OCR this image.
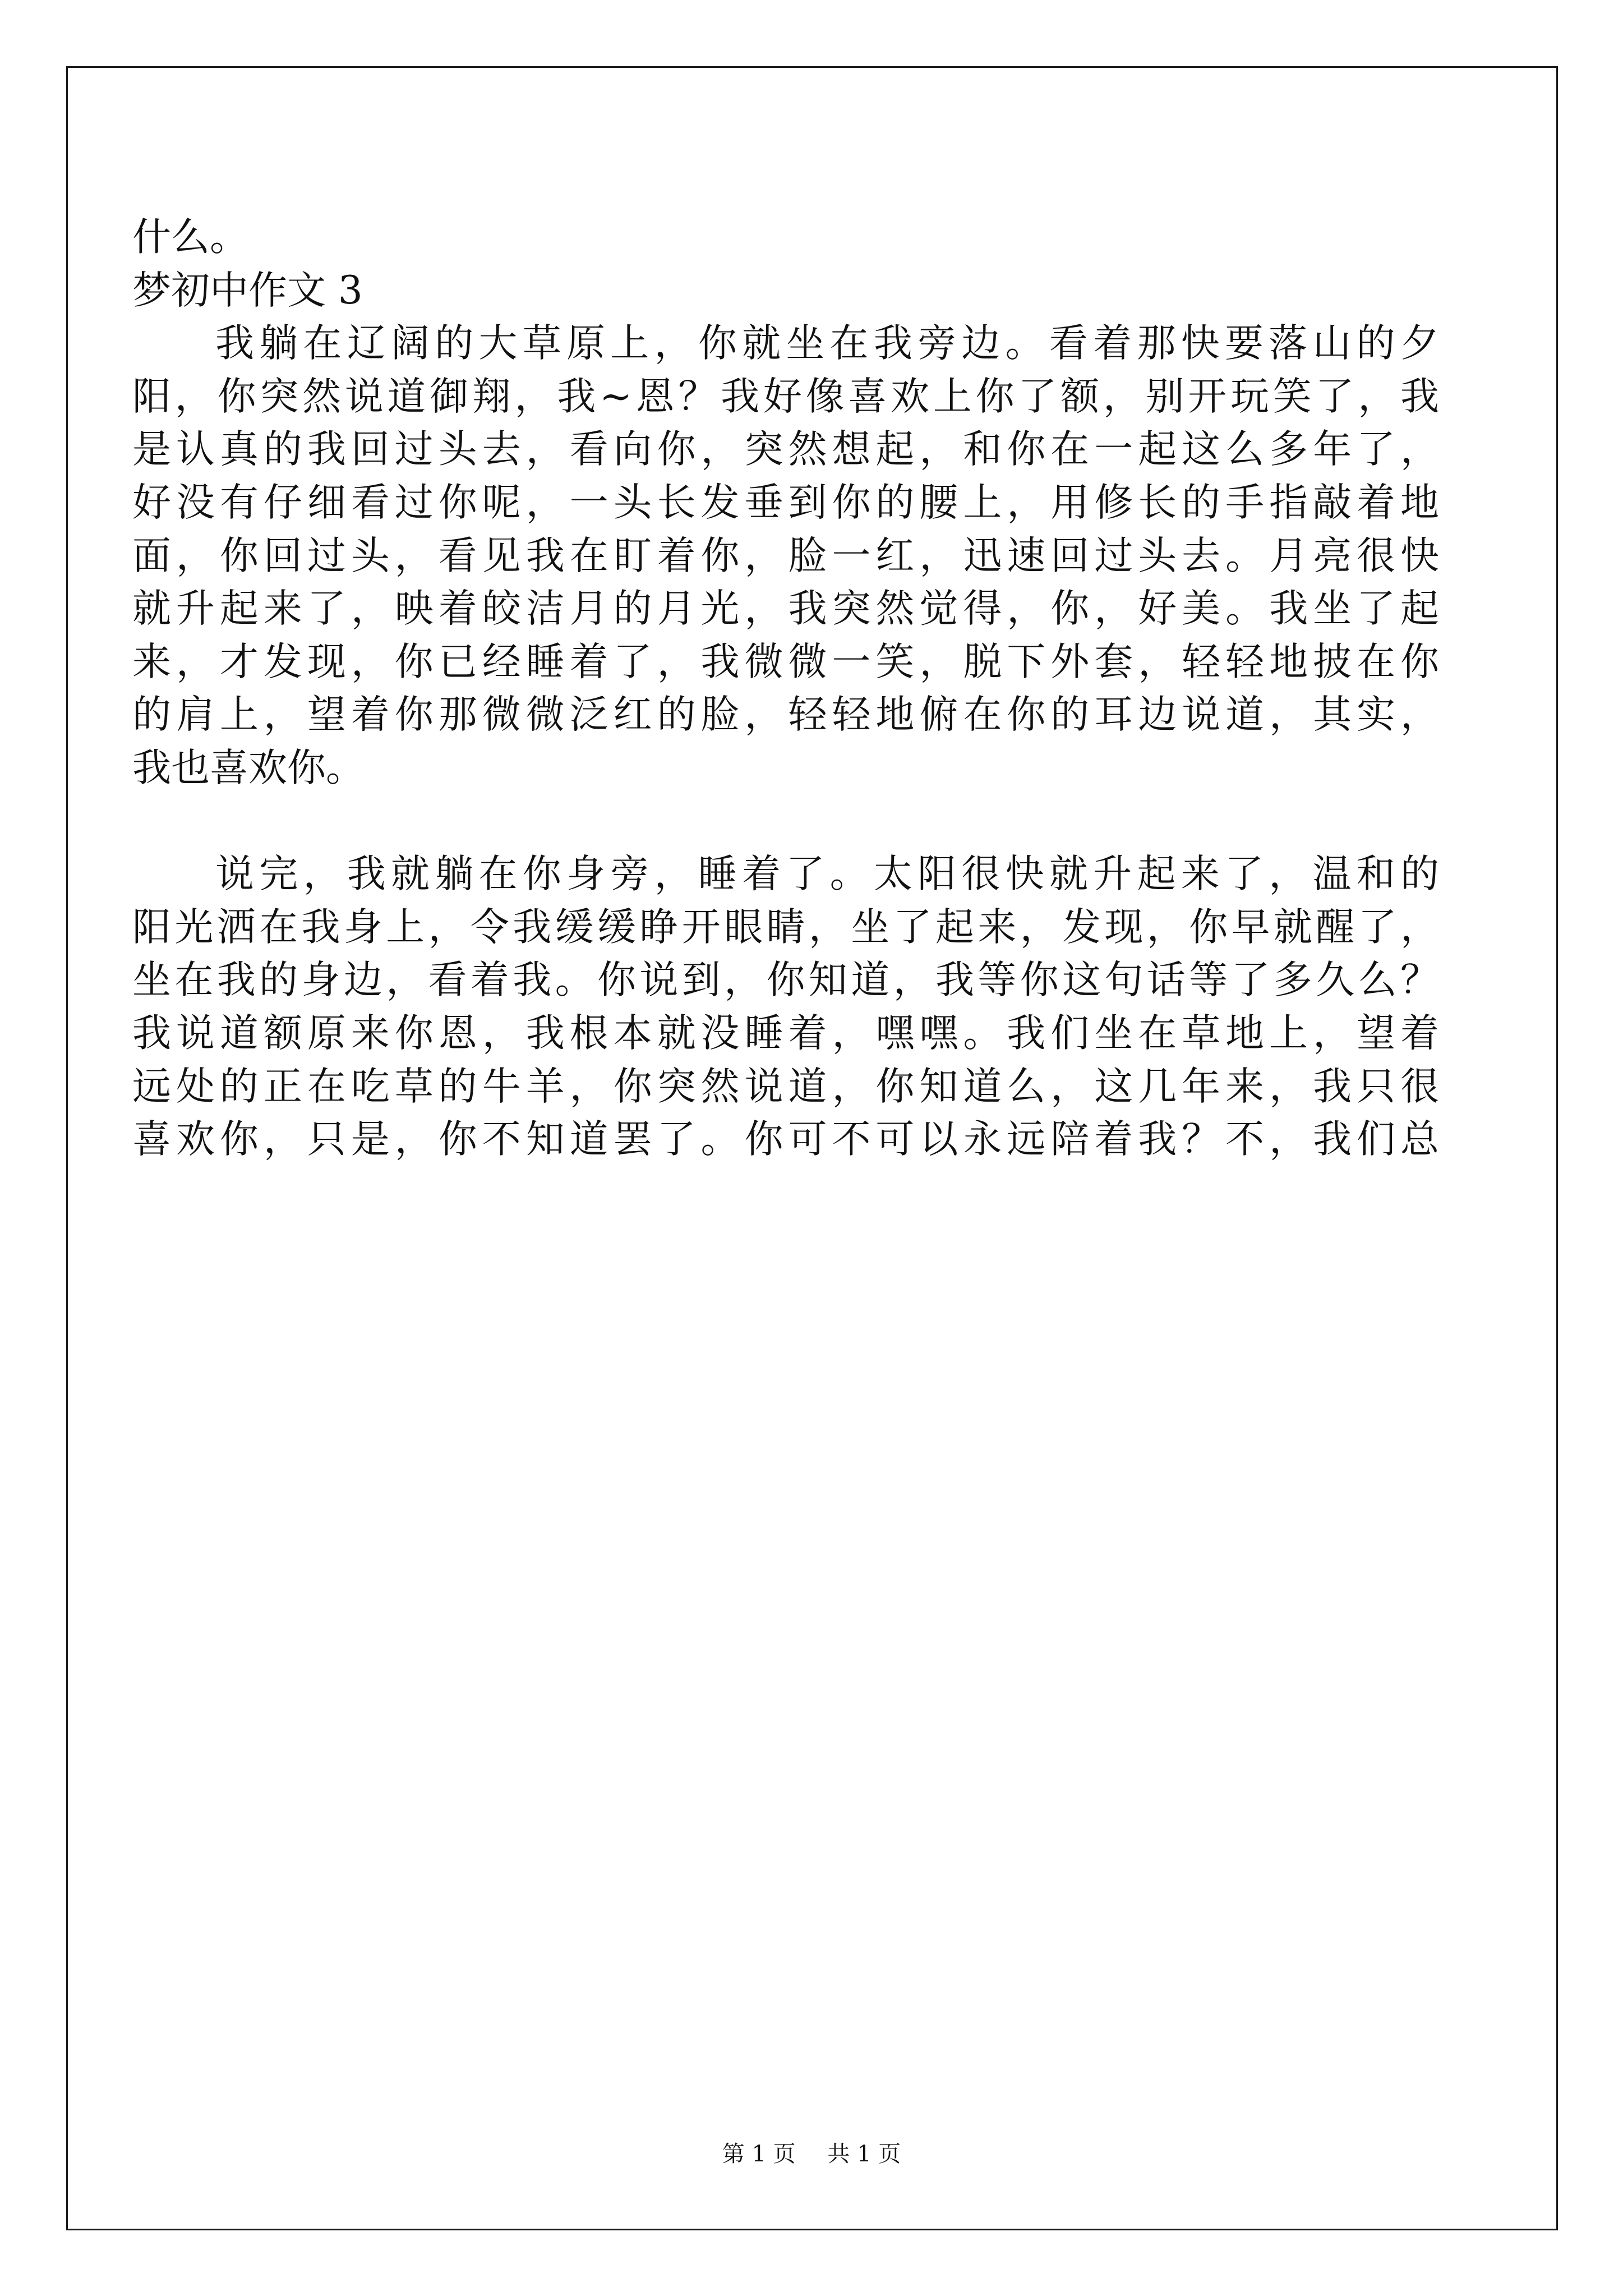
什么。
梦初中作文 3
我躺在辽阔的大草原上，你就坐在我旁边。看着那快要落山的夕
阳，你突然说道御翔，我~恩？我好像喜欢上你了额，别开玩笑了，我
是认真的我回过头去，看向你，突然想起，和你在一起这么多年了，
好没有仔细看过你呢，一头长发垂到你的腰上，用修长的手指敲着地
面，你回过头，看见我在盯着你，脸一红，迅速回过头去。月亮很快
就升起来了，映着皎洁月的月光，我突然觉得，你，好美。我坐了起
来，才发现，你已经睡着了，我微微一笑，脱下外套，轻轻地披在你
的肩上，望着你那微微泛红的脸，轻轻地俯在你的耳边说道，其实，
我也喜欢你。
说完，我就躺在你身旁，睡着了。太阳很快就升起来了，温和的
阳光洒在我身上，令我缓缓睁开眼睛，坐了起来，发现，你早就醒了，
坐在我的身边，看着我。你说到，你知道，我等你这句话等了多久么？
我说道额原来你恩，我根本就没睡着，嘿嘿。我们坐在草地上，望着
远处的正在吃草的牛羊，你突然说道，你知道么，这几年来，我只很
喜欢你，只是，你不知道罢了。你可不可以永远陪着我？不，我们总
第 1 页 共 1 页
